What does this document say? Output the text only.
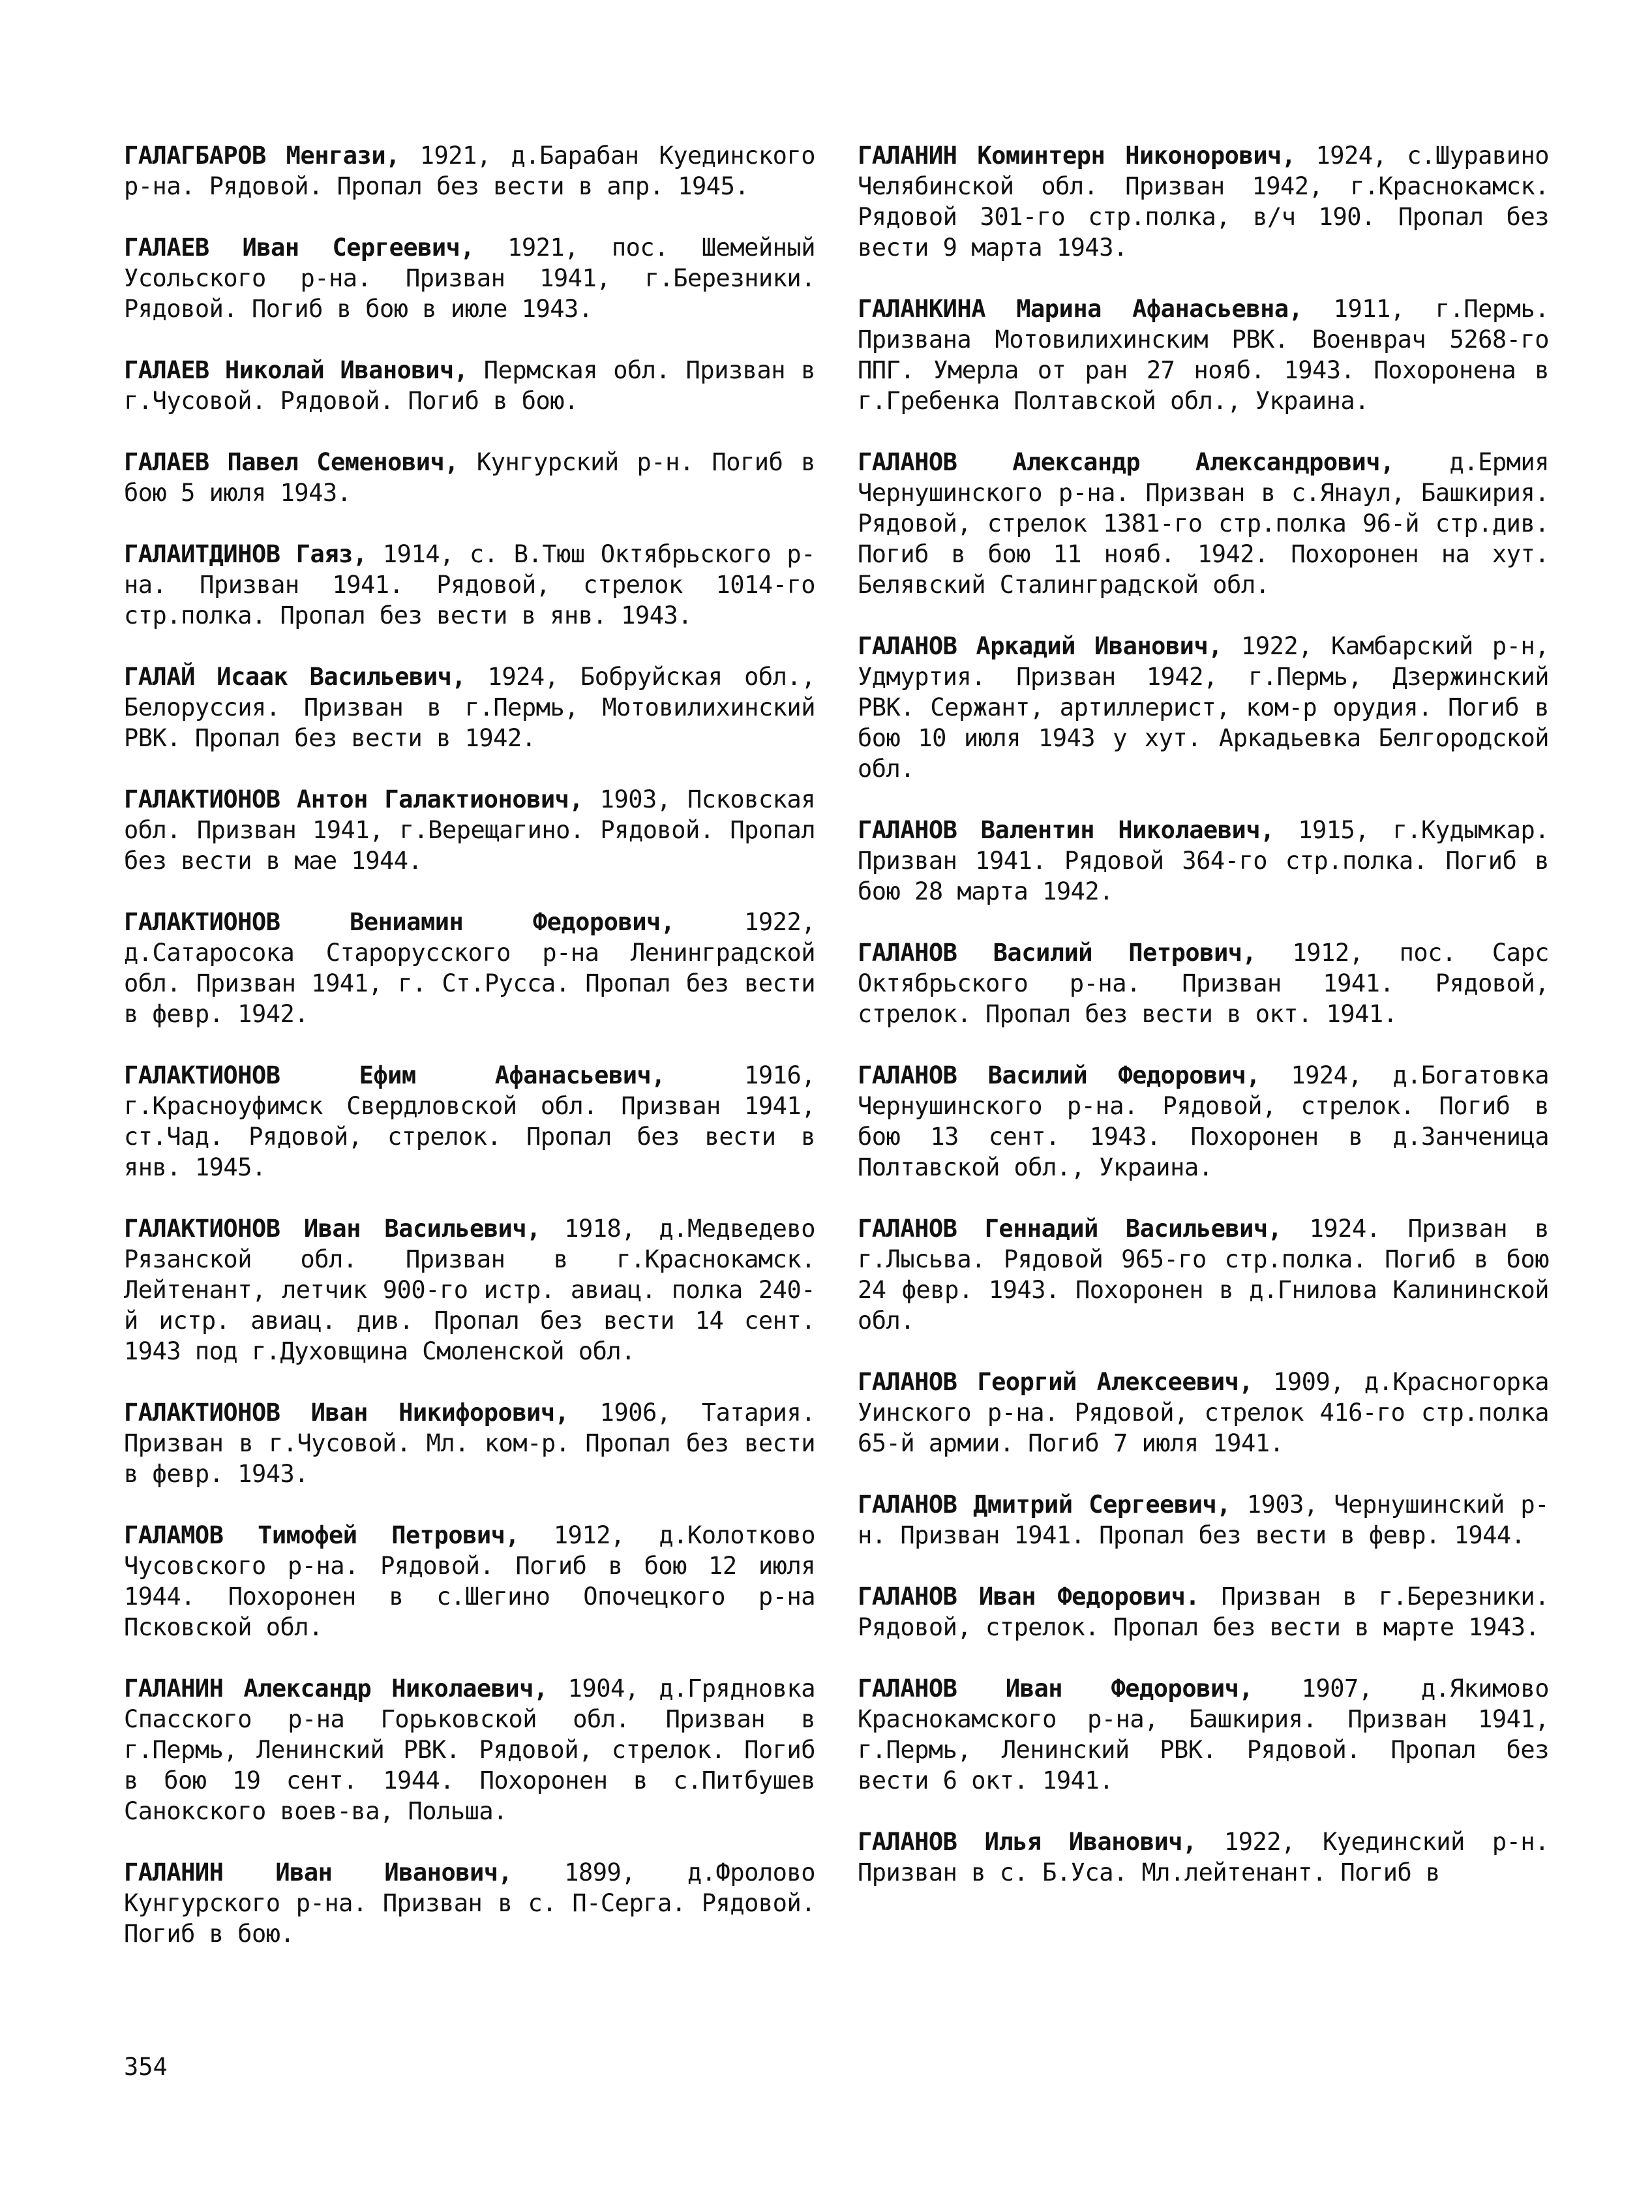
ГАЛАГБАРОВ Менгази, 1921, д.Барабан Куединского р-на. Рядовой. Пропал без вести в апр. 1945.
ГАЛАЕВ Иван Сергеевич, 1921, пос. Шемейный Усольского р-на. Призван 1941, г.Березники. Рядовой. Погиб в бою в июле 1943.
ГАЛАЕВ Николай Иванович, Пермская обл. Призван в г.Чусовой. Рядовой. Погиб в бою.
ГАЛАЕВ Павел Семенович, Кунгурский р-н. Погиб в бою 5 июля 1943.
ГАЛАИТДИНОВ Гаяз, 1914, с. В.Тюш Октябрьского р-на. Призван 1941. Рядовой, стрелок 1014-го стр.полка. Пропал без вести в янв. 1943.
ГАЛАЙ Исаак Васильевич, 1924, Бобруйская обл., Белоруссия. Призван в г.Пермь, Мотовилихинский РВК. Пропал без вести в 1942.
ГАЛАКТИОНОВ Антон Галактионович, 1903, Псковская обл. Призван 1941, г.Верещагино. Рядовой. Пропал без вести в мае 1944.
ГАЛАКТИОНОВ Вениамин Федорович, 1922, д.Сатаросока Старорусского р-на Ленинградской обл. Призван 1941, г. Ст.Русса. Пропал без вести в февр. 1942.
ГАЛАКТИОНОВ Ефим Афанасьевич, 1916, г.Красноуфимск Свердловской обл. Призван 1941, ст.Чад. Рядовой, стрелок. Пропал без вести в янв. 1945.
ГАЛАКТИОНОВ Иван Васильевич, 1918, д.Медведево Рязанской обл. Призван в г.Краснокамск. Лейтенант, летчик 900-го истр. авиац. полка 240-й истр. авиац. див. Пропал без вести 14 сент. 1943 под г.Духовщина Смоленской обл.
ГАЛАКТИОНОВ Иван Никифорович, 1906, Татария. Призван в г.Чусовой. Мл. ком-р. Пропал без вести в февр. 1943.
ГАЛАМОВ Тимофей Петрович, 1912, д.Колотково Чусовского р-на. Рядовой. Погиб в бою 12 июля 1944. Похоронен в с.Шегино Опочецкого р-на Псковской обл.
ГАЛАНИН Александр Николаевич, 1904, д.Грядновка Спасского р-на Горьковской обл. Призван в г.Пермь, Ленинский РВК. Рядовой, стрелок. Погиб в бою 19 сент. 1944. Похоронен в с.Питбушев Санокского воев-ва, Польша.
ГАЛАНИН Иван Иванович, 1899, д.Фролово Кунгурского р-на. Призван в с. П-Серга. Рядовой. Погиб в бою.
ГАЛАНИН Коминтерн Никонорович, 1924, с.Шуравино Челябинской обл. Призван 1942, г.Краснокамск. Рядовой 301-го стр.полка, в/ч 190. Пропал без вести 9 марта 1943.
ГАЛАНКИНА Марина Афанасьевна, 1911, г.Пермь. Призвана Мотовилихинским РВК. Военврач 5268-го ППГ. Умерла от ран 27 нояб. 1943. Похоронена в г.Гребенка Полтавской обл., Украина.
ГАЛАНОВ Александр Александрович, д.Ермия Чернушинского р-на. Призван в с.Янаул, Башкирия. Рядовой, стрелок 1381-го стр.полка 96-й стр.див. Погиб в бою 11 нояб. 1942. Похоронен на хут. Белявский Сталинградской обл.
ГАЛАНОВ Аркадий Иванович, 1922, Камбарский р-н, Удмуртия. Призван 1942, г.Пермь, Дзержинский РВК. Сержант, артиллерист, ком-р орудия. Погиб в бою 10 июля 1943 у хут. Аркадьевка Белгородской обл.
ГАЛАНОВ Валентин Николаевич, 1915, г.Кудымкар. Призван 1941. Рядовой 364-го стр.полка. Погиб в бою 28 марта 1942.
ГАЛАНОВ Василий Петрович, 1912, пос. Сарс Октябрьского р-на. Призван 1941. Рядовой, стрелок. Пропал без вести в окт. 1941.
ГАЛАНОВ Василий Федорович, 1924, д.Богатовка Чернушинского р-на. Рядовой, стрелок. Погиб в бою 13 сент. 1943. Похоронен в д.Занченица Полтавской обл., Украина.
ГАЛАНОВ Геннадий Васильевич, 1924. Призван в г.Лысьва. Рядовой 965-го стр.полка. Погиб в бою 24 февр. 1943. Похоронен в д.Гнилова Калининской обл.
ГАЛАНОВ Георгий Алексеевич, 1909, д.Красногорка Уинского р-на. Рядовой, стрелок 416-го стр.полка 65-й армии. Погиб 7 июля 1941.
ГАЛАНОВ Дмитрий Сергеевич, 1903, Чернушинский р-н. Призван 1941. Пропал без вести в февр. 1944.
ГАЛАНОВ Иван Федорович. Призван в г.Березники. Рядовой, стрелок. Пропал без вести в марте 1943.
ГАЛАНОВ Иван Федорович, 1907, д.Якимово Краснокамского р-на, Башкирия. Призван 1941, г.Пермь, Ленинский РВК. Рядовой. Пропал без вести 6 окт. 1941.
ГАЛАНОВ Илья Иванович, 1922, Куединский р-н. Призван в с. Б.Уса. Мл.лейтенант. Погиб в
354
